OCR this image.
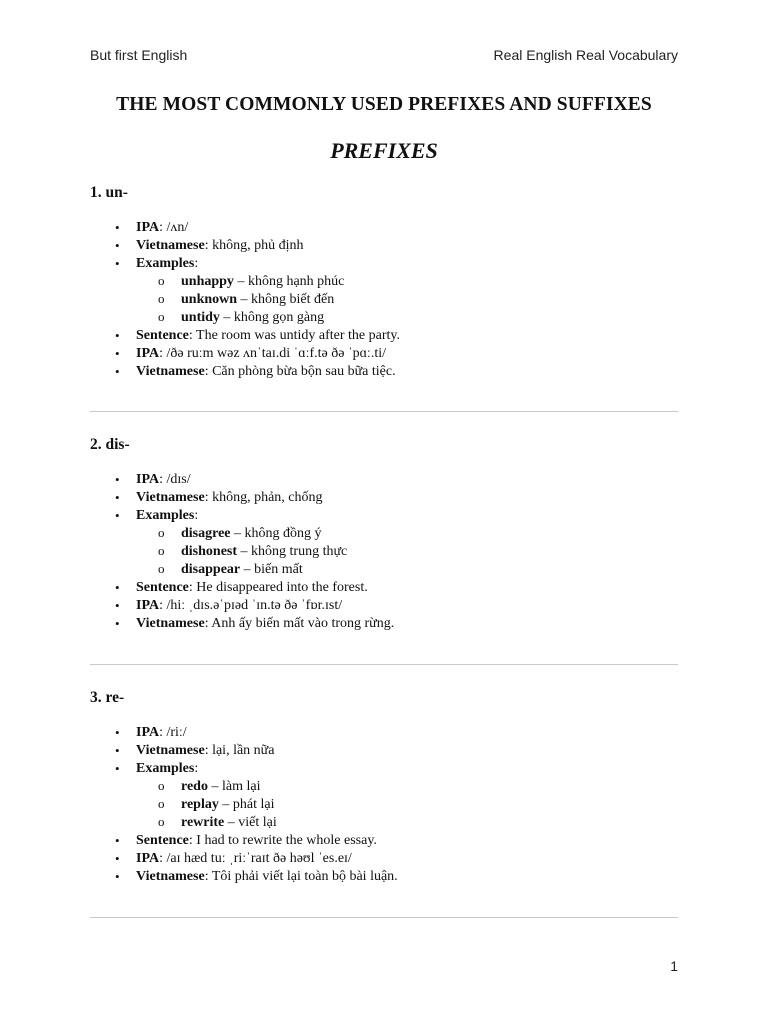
But first English	Real English Real Vocabulary
THE MOST COMMONLY USED PREFIXES AND SUFFIXES
PREFIXES
1. un-
• IPA: /ʌn/
• Vietnamese: không, phủ định
• Examples:
o unhappy – không hạnh phúc
o unknown – không biết đến
o untidy – không gọn gàng
• Sentence: The room was untidy after the party.
• IPA: /ðə ruːm wəz ʌnˈtaɪ.di ˈɑːf.tə ðə ˈpɑː.ti/
• Vietnamese: Căn phòng bừa bộn sau bữa tiệc.
2. dis-
• IPA: /dɪs/
• Vietnamese: không, phản, chống
• Examples:
o disagree – không đồng ý
o dishonest – không trung thực
o disappear – biến mất
• Sentence: He disappeared into the forest.
• IPA: /hiː ˌdɪs.əˈpɪəd ˈɪn.tə ðə ˈfɒr.ɪst/
• Vietnamese: Anh ấy biến mất vào trong rừng.
3. re-
• IPA: /riː/
• Vietnamese: lại, lần nữa
• Examples:
o redo – làm lại
o replay – phát lại
o rewrite – viết lại
• Sentence: I had to rewrite the whole essay.
• IPA: /aɪ hæd tuː ˌriːˈraɪt ðə həʊl ˈes.eɪ/
• Vietnamese: Tôi phải viết lại toàn bộ bài luận.
1
